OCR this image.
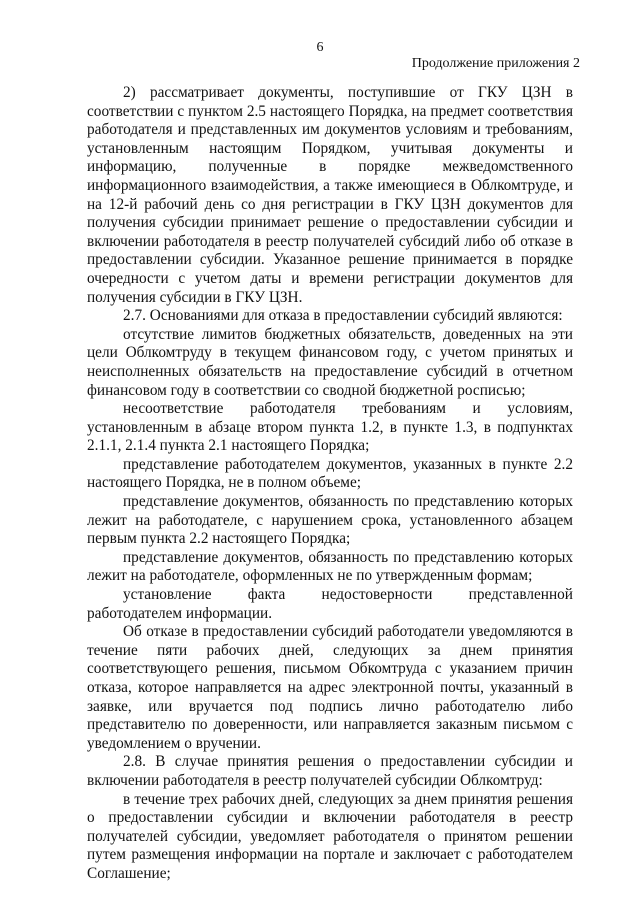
6
Продолжение приложения 2

2) рассматривает документы, поступившие от ГКУ ЦЗН в соответствии с пунктом 2.5 настоящего Порядка, на предмет соответствия работодателя и представленных им документов условиям и требованиям, установленным настоящим Порядком, учитывая документы и информацию, полученные в порядке межведомственного информационного взаимодействия, а также имеющиеся в Облкомтруде, и на 12-й рабочий день со дня регистрации в ГКУ ЦЗН документов для получения субсидии принимает решение о предоставлении субсидии и включении работодателя в реестр получателей субсидий либо об отказе в предоставлении субсидии. Указанное решение принимается в порядке очередности с учетом даты и времени регистрации документов для получения субсидии в ГКУ ЦЗН.

2.7. Основаниями для отказа в предоставлении субсидий являются:

отсутствие лимитов бюджетных обязательств, доведенных на эти цели Облкомтруду в текущем финансовом году, с учетом принятых и неисполненных обязательств на предоставление субсидий в отчетном финансовом году в соответствии со сводной бюджетной росписью;

несоответствие работодателя требованиям и условиям, установленным в абзаце втором пункта 1.2, в пункте 1.3, в подпунктах 2.1.1, 2.1.4 пункта 2.1 настоящего Порядка;

представление работодателем документов, указанных в пункте 2.2 настоящего Порядка, не в полном объеме;

представление документов, обязанность по представлению которых лежит на работодателе, с нарушением срока, установленного абзацем первым пункта 2.2 настоящего Порядка;

представление документов, обязанность по представлению которых лежит на работодателе, оформленных не по утвержденным формам;

установление факта недостоверности представленной работодателем информации.

Об отказе в предоставлении субсидий работодатели уведомляются в течение пяти рабочих дней, следующих за днем принятия соответствующего решения, письмом Обкомтруда с указанием причин отказа, которое направляется на адрес электронной почты, указанный в заявке, или вручается под подпись лично работодателю либо представителю по доверенности, или направляется заказным письмом с уведомлением о вручении.

2.8. В случае принятия решения о предоставлении субсидии и включении работодателя в реестр получателей субсидии Облкомтруд:

в течение трех рабочих дней, следующих за днем принятия решения о предоставлении субсидии и включении работодателя в реестр получателей субсидии, уведомляет работодателя о принятом решении путем размещения информации на портале и заключает с работодателем Соглашение;
